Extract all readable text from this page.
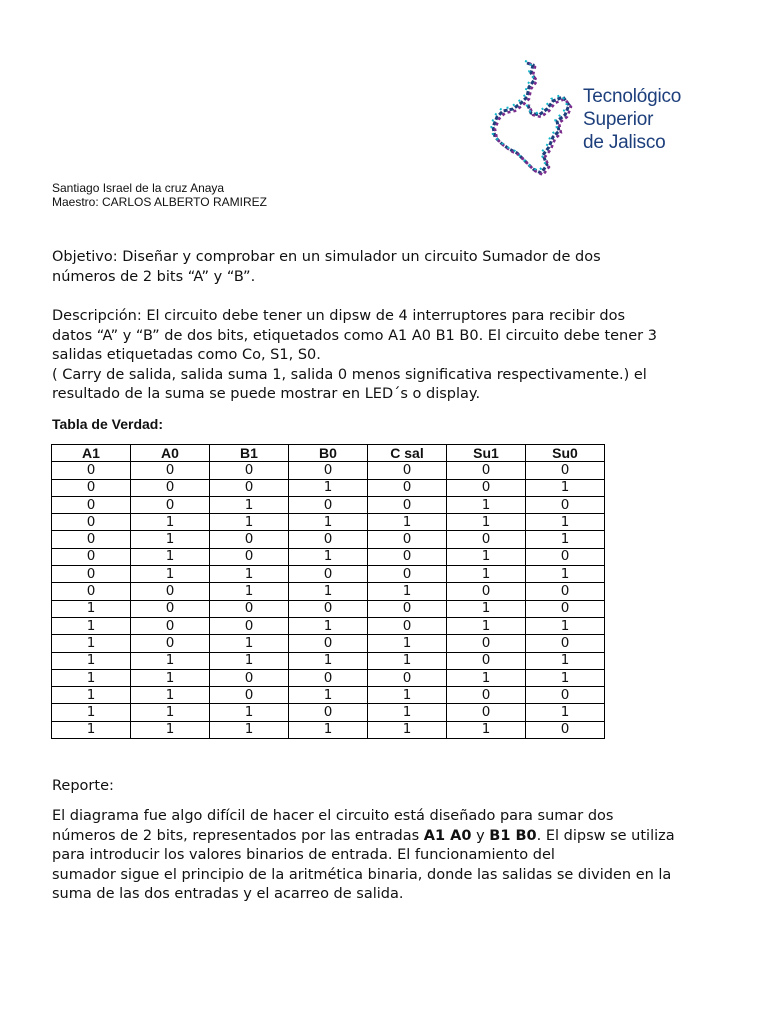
Tecnológico
Superior
de Jalisco
Santiago Israel de la cruz Anaya
Maestro: CARLOS ALBERTO RAMIREZ
Objetivo: Diseñar y comprobar en un simulador un circuito Sumador de dos
números de 2 bits “A” y “B”.
Descripción: El circuito debe tener un dipsw de 4 interruptores para recibir dos
datos “A” y “B” de dos bits, etiquetados como A1 A0 B1 B0. El circuito debe tener 3
salidas etiquetadas como Co, S1, S0.
( Carry de salida, salida suma 1, salida 0 menos significativa respectivamente.) el
resultado de la suma se puede mostrar en LED´s o display.
Tabla de Verdad:
A1	A0	B1	B0	C sal	Su1	Su0
0	0	0	0	0	0	0
0	0	0	1	0	0	1
0	0	1	0	0	1	0
0	1	1	1	1	1	1
0	1	0	0	0	0	1
0	1	0	1	0	1	0
0	1	1	0	0	1	1
0	0	1	1	1	0	0
1	0	0	0	0	1	0
1	0	0	1	0	1	1
1	0	1	0	1	0	0
1	1	1	1	1	0	1
1	1	0	0	0	1	1
1	1	0	1	1	0	0
1	1	1	0	1	0	1
1	1	1	1	1	1	0
Reporte:
El diagrama fue algo difícil de hacer el circuito está diseñado para sumar dos
números de 2 bits, representados por las entradas A1 A0 y B1 B0. El dipsw se utiliza
para introducir los valores binarios de entrada. El funcionamiento del
sumador sigue el principio de la aritmética binaria, donde las salidas se dividen en la
suma de las dos entradas y el acarreo de salida.
